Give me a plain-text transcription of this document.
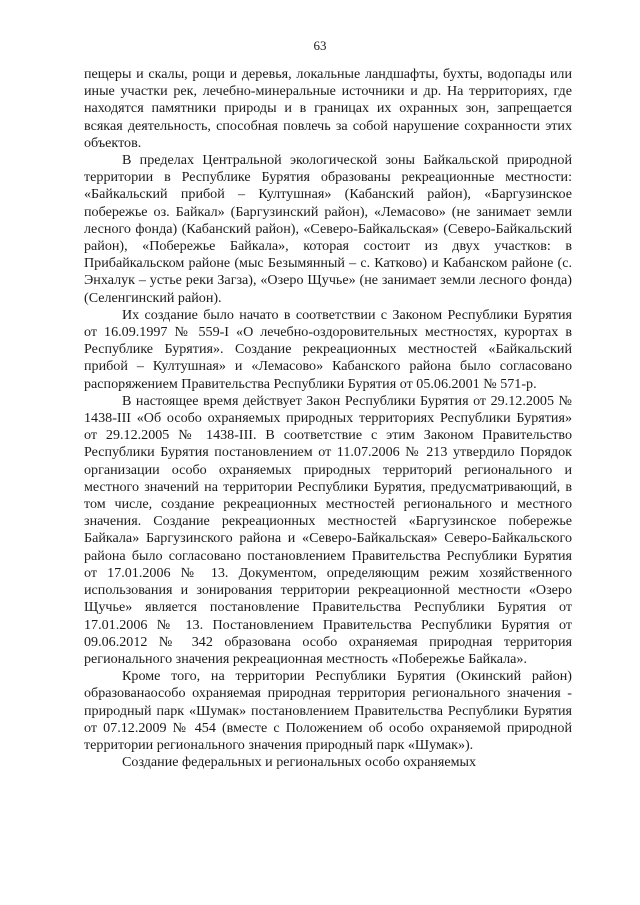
63

пещеры и скалы, рощи и деревья, локальные ландшафты, бухты, водопады или иные участки рек, лечебно-минеральные источники и др. На территориях, где находятся памятники природы и в границах их охранных зон, запрещается всякая деятельность, способная повлечь за собой нарушение сохранности этих объектов.

В пределах Центральной экологической зоны Байкальской природной территории в Республике Бурятия образованы рекреационные местности: «Байкальский прибой – Култушная» (Кабанский район), «Баргузинское побережье оз. Байкал» (Баргузинский район), «Лемасово» (не занимает земли лесного фонда) (Кабанский район), «Северо-Байкальская» (Северо-Байкальский район), «Побережье Байкала», которая состоит из двух участков: в Прибайкальском районе (мыс Безымянный – с. Катково) и Кабанском районе (с. Энхалук – устье реки Загза), «Озеро Щучье» (не занимает земли лесного фонда) (Селенгинский район).

Их создание было начато в соответствии с Законом Республики Бурятия от 16.09.1997 № 559-I «О лечебно-оздоровительных местностях, курортах в Республике Бурятия». Создание рекреационных местностей «Байкальский прибой – Култушная» и «Лемасово» Кабанского района было согласовано распоряжением Правительства Республики Бурятия от 05.06.2001 № 571-р.

В настоящее время действует Закон Республики Бурятия от 29.12.2005 № 1438-III «Об особо охраняемых природных территориях Республики Бурятия» от 29.12.2005 № 1438-III. В соответствие с этим Законом Правительство Республики Бурятия постановлением от 11.07.2006 № 213 утвердило Порядок организации особо охраняемых природных территорий регионального и местного значений на территории Республики Бурятия, предусматривающий, в том числе, создание рекреационных местностей регионального и местного значения. Создание рекреационных местностей «Баргузинское побережье Байкала» Баргузинского района и «Северо-Байкальская» Северо-Байкальского района было согласовано постановлением Правительства Республики Бурятия от 17.01.2006 № 13. Документом, определяющим режим хозяйственного использования и зонирования территории рекреационной местности «Озеро Щучье» является постановление Правительства Республики Бурятия от 17.01.2006 № 13. Постановлением Правительства Республики Бурятия от 09.06.2012 № 342 образована особо охраняемая природная территория регионального значения рекреационная местность «Побережье Байкала».

Кроме того, на территории Республики Бурятия (Окинский район) образованаособо охраняемая природная территория регионального значения - природный парк «Шумак» постановлением Правительства Республики Бурятия от 07.12.2009 № 454 (вместе с Положением об особо охраняемой природной территории регионального значения природный парк «Шумак»).

Создание федеральных и региональных особо охраняемых
